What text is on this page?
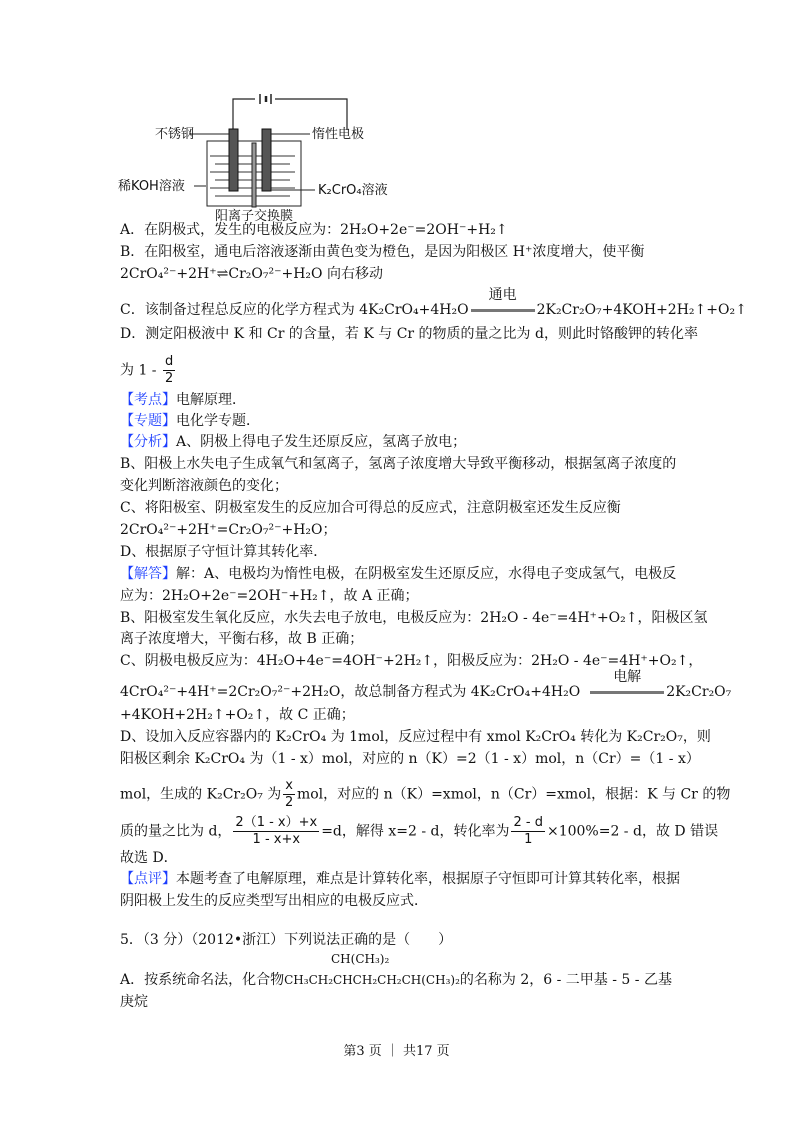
不锈钢	惰性电极
稀KOH溶液	K₂CrO₄溶液
阳离子交换膜
A．在阴极式，发生的电极反应为：2H₂O+2e⁻=2OH⁻+H₂↑
B．在阳极室，通电后溶液逐渐由黄色变为橙色，是因为阳极区 H⁺浓度增大，使平衡
2CrO₄²⁻+2H⁺⇌Cr₂O₇²⁻+H₂O 向右移动
C．该制备过程总反应的化学方程式为 4K₂CrO₄+4H₂O
通电
2K₂Cr₂O₇+4KOH+2H₂↑+O₂↑
D．测定阳极液中 K 和 Cr 的含量，若 K 与 Cr 的物质的量之比为 d，则此时铬酸钾的转化率
为 $1 - \frac{d}{2}$
【考点】电解原理．
【专题】电化学专题．
【分析】A、阴极上得电子发生还原反应，氢离子放电；
B、阳极上水失电子生成氧气和氢离子，氢离子浓度增大导致平衡移动，根据氢离子浓度的
变化判断溶液颜色的变化；
C、将阳极室、阴极室发生的反应加合可得总的反应式，注意阴极室还发生反应衡
2CrO₄²⁻+2H⁺=Cr₂O₇²⁻+H₂O；
D、根据原子守恒计算其转化率．
【解答】解：A、电极均为惰性电极，在阴极室发生还原反应，水得电子变成氢气，电极反
应为：2H₂O+2e⁻=2OH⁻+H₂↑，故 A 正确；
B、阳极室发生氧化反应，水失去电子放电，电极反应为：2H₂O - 4e⁻=4H⁺+O₂↑，阳极区氢
离子浓度增大，平衡右移，故 B 正确；
C、阴极电极反应为：4H₂O+4e⁻=4OH⁻+2H₂↑，阳极反应为：2H₂O - 4e⁻=4H⁺+O₂↑，
4CrO₄²⁻+4H⁺=2Cr₂O₇²⁻+2H₂O，故总制备方程式为 4K₂CrO₄+4H₂O
电解
2K₂Cr₂O₇
+4KOH+2H₂↑+O₂↑，故 C 正确；
D、设加入反应容器内的 K₂CrO₄ 为 1mol，反应过程中有 xmol K₂CrO₄ 转化为 K₂Cr₂O₇，则
阳极区剩余 K₂CrO₄ 为（1 - x）mol，对应的 n（K）=2（1 - x）mol，n（Cr）=（1 - x）
mol，生成的 K₂Cr₂O₇ 为 $\frac{x}{2}$ mol，对应的 n（K）=xmol，n（Cr）=xmol，根据：K 与 Cr 的物
质的量之比为 d， $\frac{2(1 - x)+x}{1 - x+x} =d$，解得 x=2 - d，转化率为 $\frac{2 - d}{1} \times 100\%=2 - d$，故 D 错误
故选 D．
【点评】本题考查了电解原理，难点是计算转化率，根据原子守恒即可计算其转化率，根据
阴阳极上发生的反应类型写出相应的电极反应式．
5．（3 分）（2012•浙江）下列说法正确的是（　　）
CH(CH₃)₂
A．按系统命名法，化合物CH₃CH₂CHCH₂CH₂CH(CH₃)₂的名称为 2，6 - 二甲基 - 5 - 乙基
庚烷
第3 页 ｜ 共17 页
